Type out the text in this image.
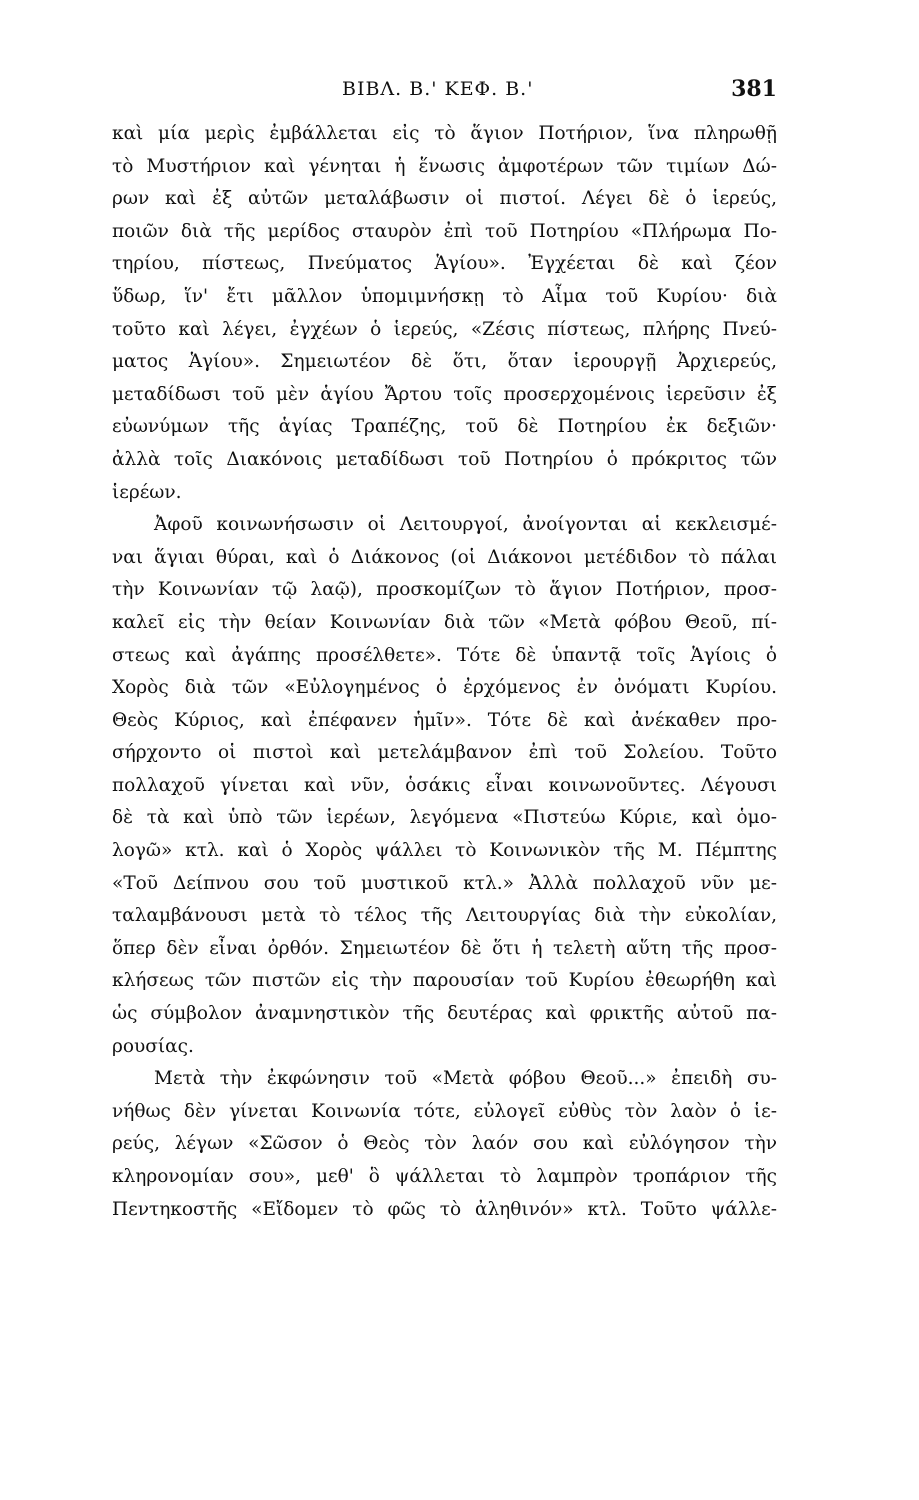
ΒΙΒΛ. Β.' ΚΕΦ. Β.'	381
καὶ μία μερὶς ἐμβάλλεται εἰς τὸ ἅγιον Ποτήριον, ἵνα πληρωθῇ
τὸ Μυστήριον καὶ γένηται ἡ ἕνωσις ἀμφοτέρων τῶν τιμίων Δώ-
ρων καὶ ἐξ αὐτῶν μεταλάβωσιν οἱ πιστοί. Λέγει δὲ ὁ ἱερεύς,
ποιῶν διὰ τῆς μερίδος σταυρὸν ἐπὶ τοῦ Ποτηρίου «Πλήρωμα Πο-
τηρίου, πίστεως, Πνεύματος Ἁγίου». Ἐγχέεται δὲ καὶ ζέον
ὕδωρ, ἵν' ἔτι μᾶλλον ὑπομιμνήσκῃ τὸ Αἷμα τοῦ Κυρίου· διὰ
τοῦτο καὶ λέγει, ἐγχέων ὁ ἱερεύς, «Ζέσις πίστεως, πλήρης Πνεύ-
ματος Ἁγίου». Σημειωτέον δὲ ὅτι, ὅταν ἱερουργῇ Ἀρχιερεύς,
μεταδίδωσι τοῦ μὲν ἁγίου Ἄρτου τοῖς προσερχομένοις ἱερεῦσιν ἐξ
εὐωνύμων τῆς ἁγίας Τραπέζης, τοῦ δὲ Ποτηρίου ἐκ δεξιῶν·
ἀλλὰ τοῖς Διακόνοις μεταδίδωσι τοῦ Ποτηρίου ὁ πρόκριτος τῶν
ἱερέων.
Ἀφοῦ κοινωνήσωσιν οἱ Λειτουργοί, ἀνοίγονται αἱ κεκλεισμέ-
ναι ἅγιαι θύραι, καὶ ὁ Διάκονος (οἱ Διάκονοι μετέδιδον τὸ πάλαι
τὴν Κοινωνίαν τῷ λαῷ), προσκομίζων τὸ ἅγιον Ποτήριον, προσ-
καλεῖ εἰς τὴν θείαν Κοινωνίαν διὰ τῶν «Μετὰ φόβου Θεοῦ, πί-
στεως καὶ ἀγάπης προσέλθετε». Τότε δὲ ὑπαντᾷ τοῖς Ἁγίοις ὁ
Χορὸς διὰ τῶν «Εὐλογημένος ὁ ἐρχόμενος ἐν ὀνόματι Κυρίου.
Θεὸς Κύριος, καὶ ἐπέφανεν ἡμῖν». Τότε δὲ καὶ ἀνέκαθεν προ-
σήρχοντο οἱ πιστοὶ καὶ μετελάμβανον ἐπὶ τοῦ Σολείου. Τοῦτο
πολλαχοῦ γίνεται καὶ νῦν, ὁσάκις εἶναι κοινωνοῦντες. Λέγουσι
δὲ τὰ καὶ ὑπὸ τῶν ἱερέων, λεγόμενα «Πιστεύω Κύριε, καὶ ὁμο-
λογῶ» κτλ. καὶ ὁ Χορὸς ψάλλει τὸ Κοινωνικὸν τῆς Μ. Πέμπτης
«Τοῦ Δείπνου σου τοῦ μυστικοῦ κτλ.» Ἀλλὰ πολλαχοῦ νῦν με-
ταλαμβάνουσι μετὰ τὸ τέλος τῆς Λειτουργίας διὰ τὴν εὐκολίαν,
ὅπερ δὲν εἶναι ὀρθόν. Σημειωτέον δὲ ὅτι ἡ τελετὴ αὕτη τῆς προσ-
κλήσεως τῶν πιστῶν εἰς τὴν παρουσίαν τοῦ Κυρίου ἐθεωρήθη καὶ
ὡς σύμβολον ἀναμνηστικὸν τῆς δευτέρας καὶ φρικτῆς αὐτοῦ πα-
ρουσίας.
Μετὰ τὴν ἐκφώνησιν τοῦ «Μετὰ φόβου Θεοῦ...» ἐπειδὴ συ-
νήθως δὲν γίνεται Κοινωνία τότε, εὐλογεῖ εὐθὺς τὸν λαὸν ὁ ἱε-
ρεύς, λέγων «Σῶσον ὁ Θεὸς τὸν λαόν σου καὶ εὐλόγησον τὴν
κληρονομίαν σου», μεθ' ὃ ψάλλεται τὸ λαμπρὸν τροπάριον τῆς
Πεντηκοστῆς «Εἴδομεν τὸ φῶς τὸ ἀληθινόν» κτλ. Τοῦτο ψάλλε-
